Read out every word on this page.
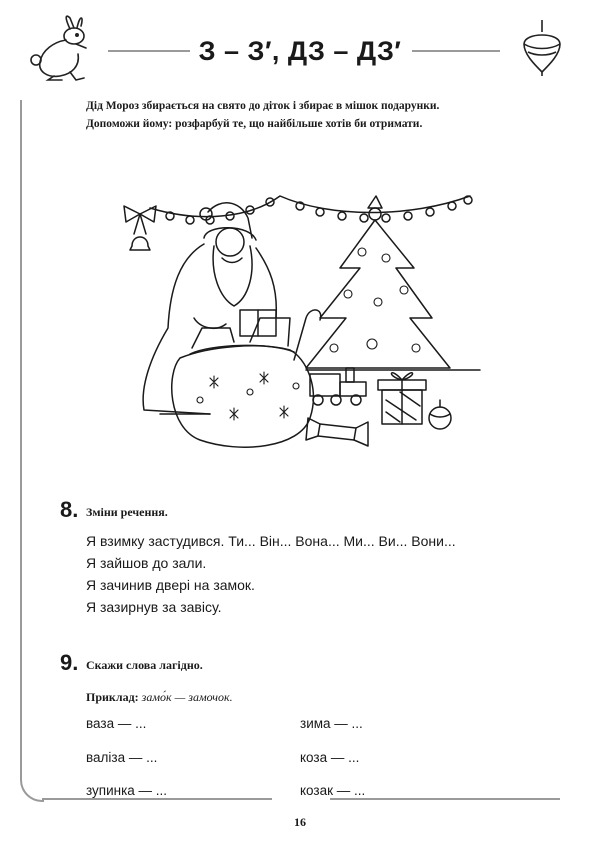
З – З′, ДЗ – ДЗ′
Дід Мороз збирається на свято до діток і збирає в мішок подарунки.
Допоможи йому: розфарбуй те, що найбільше хотів би отримати.
8. Зміни речення.
Я взимку застудився. Ти... Він... Вона... Ми... Ви... Вони...
Я зайшов до зали.
Я зачинив двері на замок.
Я зазирнув за завісу.
9. Скажи слова лагідно.
Приклад: замо́к — замочок.
ваза — ...
валіза — ...
зупинка — ...
зима — ...
коза — ...
козак — ...
16
